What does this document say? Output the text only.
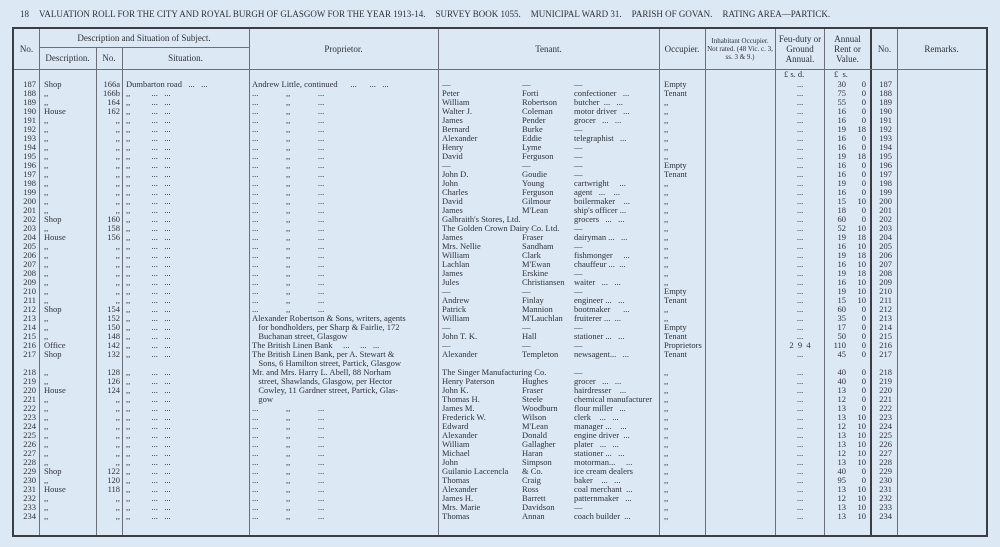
18 VALUATION ROLL FOR THE CITY AND ROYAL BURGH OF GLASGOW FOR THE YEAR 1913-14. SURVEY BOOK 1055. MUNICIPAL WARD 31. PARISH OF GOVAN. RATING AREA—PARTICK.
No.
Description and Situation of Subject.
Description.	No.	Situation.
Proprietor.	Tenant.	Occupier.
Inhabitant Occupier. Not rated. (48 Vic. c. 3, ss. 3 & 9.)
Feu-duty or Ground Annual.
Annual Rent or Value.
No.	Remarks.
£ s. d.	£  s.
187 Shop	166a Dumbarton road   ...   ...	Andrew Little, continued      ...      ...   ...	—	—	—	Empty	...	30	0	187
188 ,,	166b ,,          ...   ...	...             ,,             ...	Peter	Forti	confectioner   ...	Tenant	...	75	0	188
189 ,,	164 ,,          ...   ...	...             ,,             ...	William	Robertson	butcher  ...   ...	,,	...	55	0	189
190 House	162 ,,          ...   ...	...             ,,             ...	Walter J.	Coleman	motor driver   ...	,,	...	16	0	190
191 ,,	,, ,,          ...   ...	...             ,,             ...	James	Pender	grocer   ...   ...	,,	...	16	0	191
192 ,,	,, ,,          ...   ...	...             ,,             ...	Bernard	Burke	—	,,	...	19	18	192
193 ,,	,, ,,          ...   ...	...             ,,             ...	Alexander	Eddie	telegraphist   ...	,,	...	16	0	193
194 ,,	,, ,,          ...   ...	...             ,,             ...	Henry	Lyme	—	,,	...	16	0	194
195 ,,	,, ,,          ...   ...	...             ,,             ...	David	Ferguson	—	,,	...	19	18	195
196 ,,	,, ,,          ...   ...	...             ,,             ...	—	—	—	Empty	...	16	0	196
197 ,,	,, ,,          ...   ...	...             ,,             ...	John D.	Goudie	—	Tenant	...	16	0	197
198 ,,	,, ,,          ...   ...	...             ,,             ...	John	Young	cartwright     ...	,,	...	19	0	198
199 ,,	,, ,,          ...   ...	...             ,,             ...	Charles	Ferguson	agent   ...    ...	,,	...	16	0	199
200 ,,	,, ,,          ...   ...	...             ,,             ...	David	Gilmour	boilermaker    ...	,,	...	15	10	200
201 ,,	,, ,,          ...   ...	...             ,,             ...	James	M'Lean	ship's officer ...	,,	...	18	0	201
202 Shop	160 ,,          ...   ...	...             ,,             ...	Galbraith's Stores, Ltd.	grocers   ...   ...	,,	...	60	0	202
203 ,,	158 ,,          ...   ...	...             ,,             ...	The Golden Crown Dairy Co. Ltd. —	,,	...	52	10	203
204 House	156 ,,          ...   ...	...             ,,             ...	James	Fraser	dairyman ...   ...	,,	...	19	18	204
205 ,,	,, ,,          ...   ...	...             ,,             ...	Mrs. Nellie	Sandham	—	,,	...	16	10	205
206 ,,	,, ,,          ...   ...	...             ,,             ...	William	Clark	fishmonger     ...	,,	...	19	18	206
207 ,,	,, ,,          ...   ...	...             ,,             ...	Lachlan	M'Ewan	chauffeur ...  ...	,,	...	16	10	207
208 ,,	,, ,,          ...   ...	...             ,,             ...	James	Erskine	—	,,	...	19	18	208
209 ,,	,, ,,          ...   ...	...             ,,             ...	Jules	Christiansen	waiter   ...   ...	,,	...	16	10	209
210 ,,	,, ,,          ...   ...	...             ,,             ...	—	—	—	Empty	...	19	10	210
211 ,,	,, ,,          ...   ...	...             ,,             ...	Andrew	Finlay	engineer ...   ...	Tenant	...	15	10	211
212 Shop	154 ,,          ...   ...	...             ,,             ...	Patrick	Mannion	bootmaker      ...	,,	...	60	0	212
213 ,,	152 ,,          ...   ...	Alexander Robertson & Sons, writers, agents	William	M'Lauchlan	fruiterer ...  ...	,,	...	35	0	213
214 ,,	150 ,,          ...   ...	for bondholders, per Sharp & Fairlie, 172	—	—	—	Empty	...	17	0	214
215 ,,	148 ,,          ...   ...	Buchanan street, Glasgow	John T. K.	Hall	stationer ...   ...	Tenant	...	50	0	215
216 Office	142 ,,          ...   ...	The British Linen Bank     ...     ...   ...	—	—	—	Proprietors	2  9  4	110	0	216
217 Shop	132 ,,          ...   ...	The British Linen Bank, per A. Stewart &	Alexander	Templeton	newsagent...   ...	Tenant	...	45	0	217
Sons, 6 Hamilton street, Partick, Glasgow
218 ,,	128 ,,          ...   ...	Mr. and Mrs. Harry L. Abell, 88 Norham	The Singer Manufacturing Co.	—	,,	...	40	0	218
219 ,,	126 ,,          ...   ...	street, Shawlands, Glasgow, per Hector	Henry Paterson	Hughes	grocer   ...   ...	,,	...	40	0	219
220 House	124 ,,          ...   ...	Cowley, 11 Gardner street, Partick, Glas-	John K.	Fraser	hairdresser    ...	,,	...	13	0	220
221 ,,	,, ,,          ...   ...	gow	Thomas H.	Steele	chemical manufacturer	,,	...	12	0	221
222 ,,	,, ,,          ...   ...	...             ,,             ...	James M.	Woodburn	flour miller   ...	,,	...	13	0	222
223 ,,	,, ,,          ...   ...	...             ,,             ...	Frederick W.	Wilson	clerk    ...   ...	,,	...	13	10	223
224 ,,	,, ,,          ...   ...	...             ,,             ...	Edward	M'Lean	manager ...    ...	,,	...	12	10	224
225 ,,	,, ,,          ...   ...	...             ,,             ...	Alexander	Donald	engine driver  ...	,,	...	13	10	225
226 ,,	,, ,,          ...   ...	...             ,,             ...	William	Gallagher	plater   ...   ...	,,	...	13	10	226
227 ,,	,, ,,          ...   ...	...             ,,             ...	Michael	Haran	stationer ...   ...	,,	...	12	10	227
228 ,,	,, ,,          ...   ...	...             ,,             ...	John	Simpson	motorman...     ...	,,	...	13	10	228
229 Shop	122 ,,          ...   ...	...             ,,             ...	Guilanio Laccencla	& Co.	ice cream dealers	,,	...	40	0	229
230 ,,	120 ,,          ...   ...	...             ,,             ...	Thomas	Craig	baker    ...   ...	,,	...	95	0	230
231 House	118 ,,          ...   ...	...             ,,             ...	Alexander	Ross	coal merchant  ...	,,	...	13	10	231
232 ,,	,, ,,          ...   ...	...             ,,             ...	James H.	Barrett	patternmaker   ...	,,	...	12	10	232
233 ,,	,, ,,          ...   ...	...             ,,             ...	Mrs. Marie	Davidson	—	,,	...	13	10	233
234 ,,	,, ,,          ...   ...	...             ,,             ...	Thomas	Annan	coach builder  ...	,,	...	13	10	234
